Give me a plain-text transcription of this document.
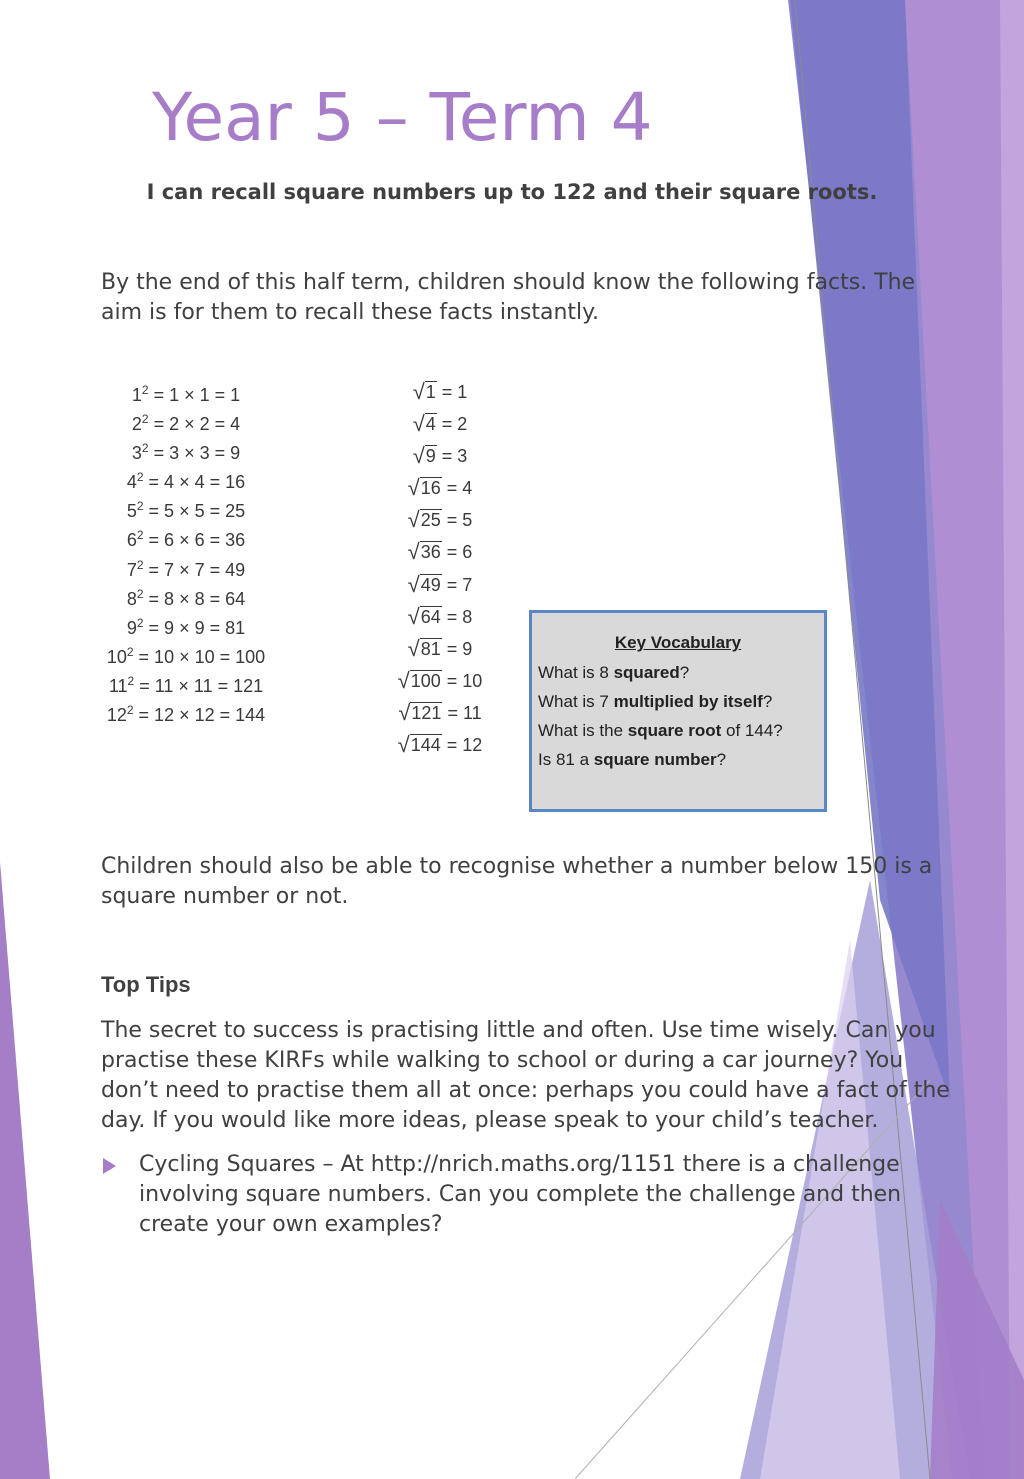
Year 5 – Term 4
I can recall square numbers up to 122 and their square roots.
By the end of this half term, children should know the following facts. The aim is for them to recall these facts instantly.
$1^2 = 1 \times 1 = 1$
$2^2 = 2 \times 2 = 4$
$3^2 = 3 \times 3 = 9$
$4^2 = 4 \times 4 = 16$
$5^2 = 5 \times 5 = 25$
$6^2 = 6 \times 6 = 36$
$7^2 = 7 \times 7 = 49$
$8^2 = 8 \times 8 = 64$
$9^2 = 9 \times 9 = 81$
$10^2 = 10 \times 10 = 100$
$11^2 = 11 \times 11 = 121$
$12^2 = 12 \times 12 = 144$
√1 = 1
√4 = 2
√9 = 3
√16 = 4
√25 = 5
√36 = 6
√49 = 7
√64 = 8
√81 = 9
√100 = 10
√121 = 11
√144 = 12
Key Vocabulary
What is 8 squared?
What is 7 multiplied by itself?
What is the square root of 144?
Is 81 a square number?
Children should also be able to recognise whether a number below 150 is a square number or not.
Top Tips
The secret to success is practising little and often. Use time wisely. Can you practise these KIRFs while walking to school or during a car journey? You don’t need to practise them all at once: perhaps you could have a fact of the day. If you would like more ideas, please speak to your child’s teacher.
Cycling Squares – At http://nrich.maths.org/1151 there is a challenge involving square numbers. Can you complete the challenge and then create your own examples?
